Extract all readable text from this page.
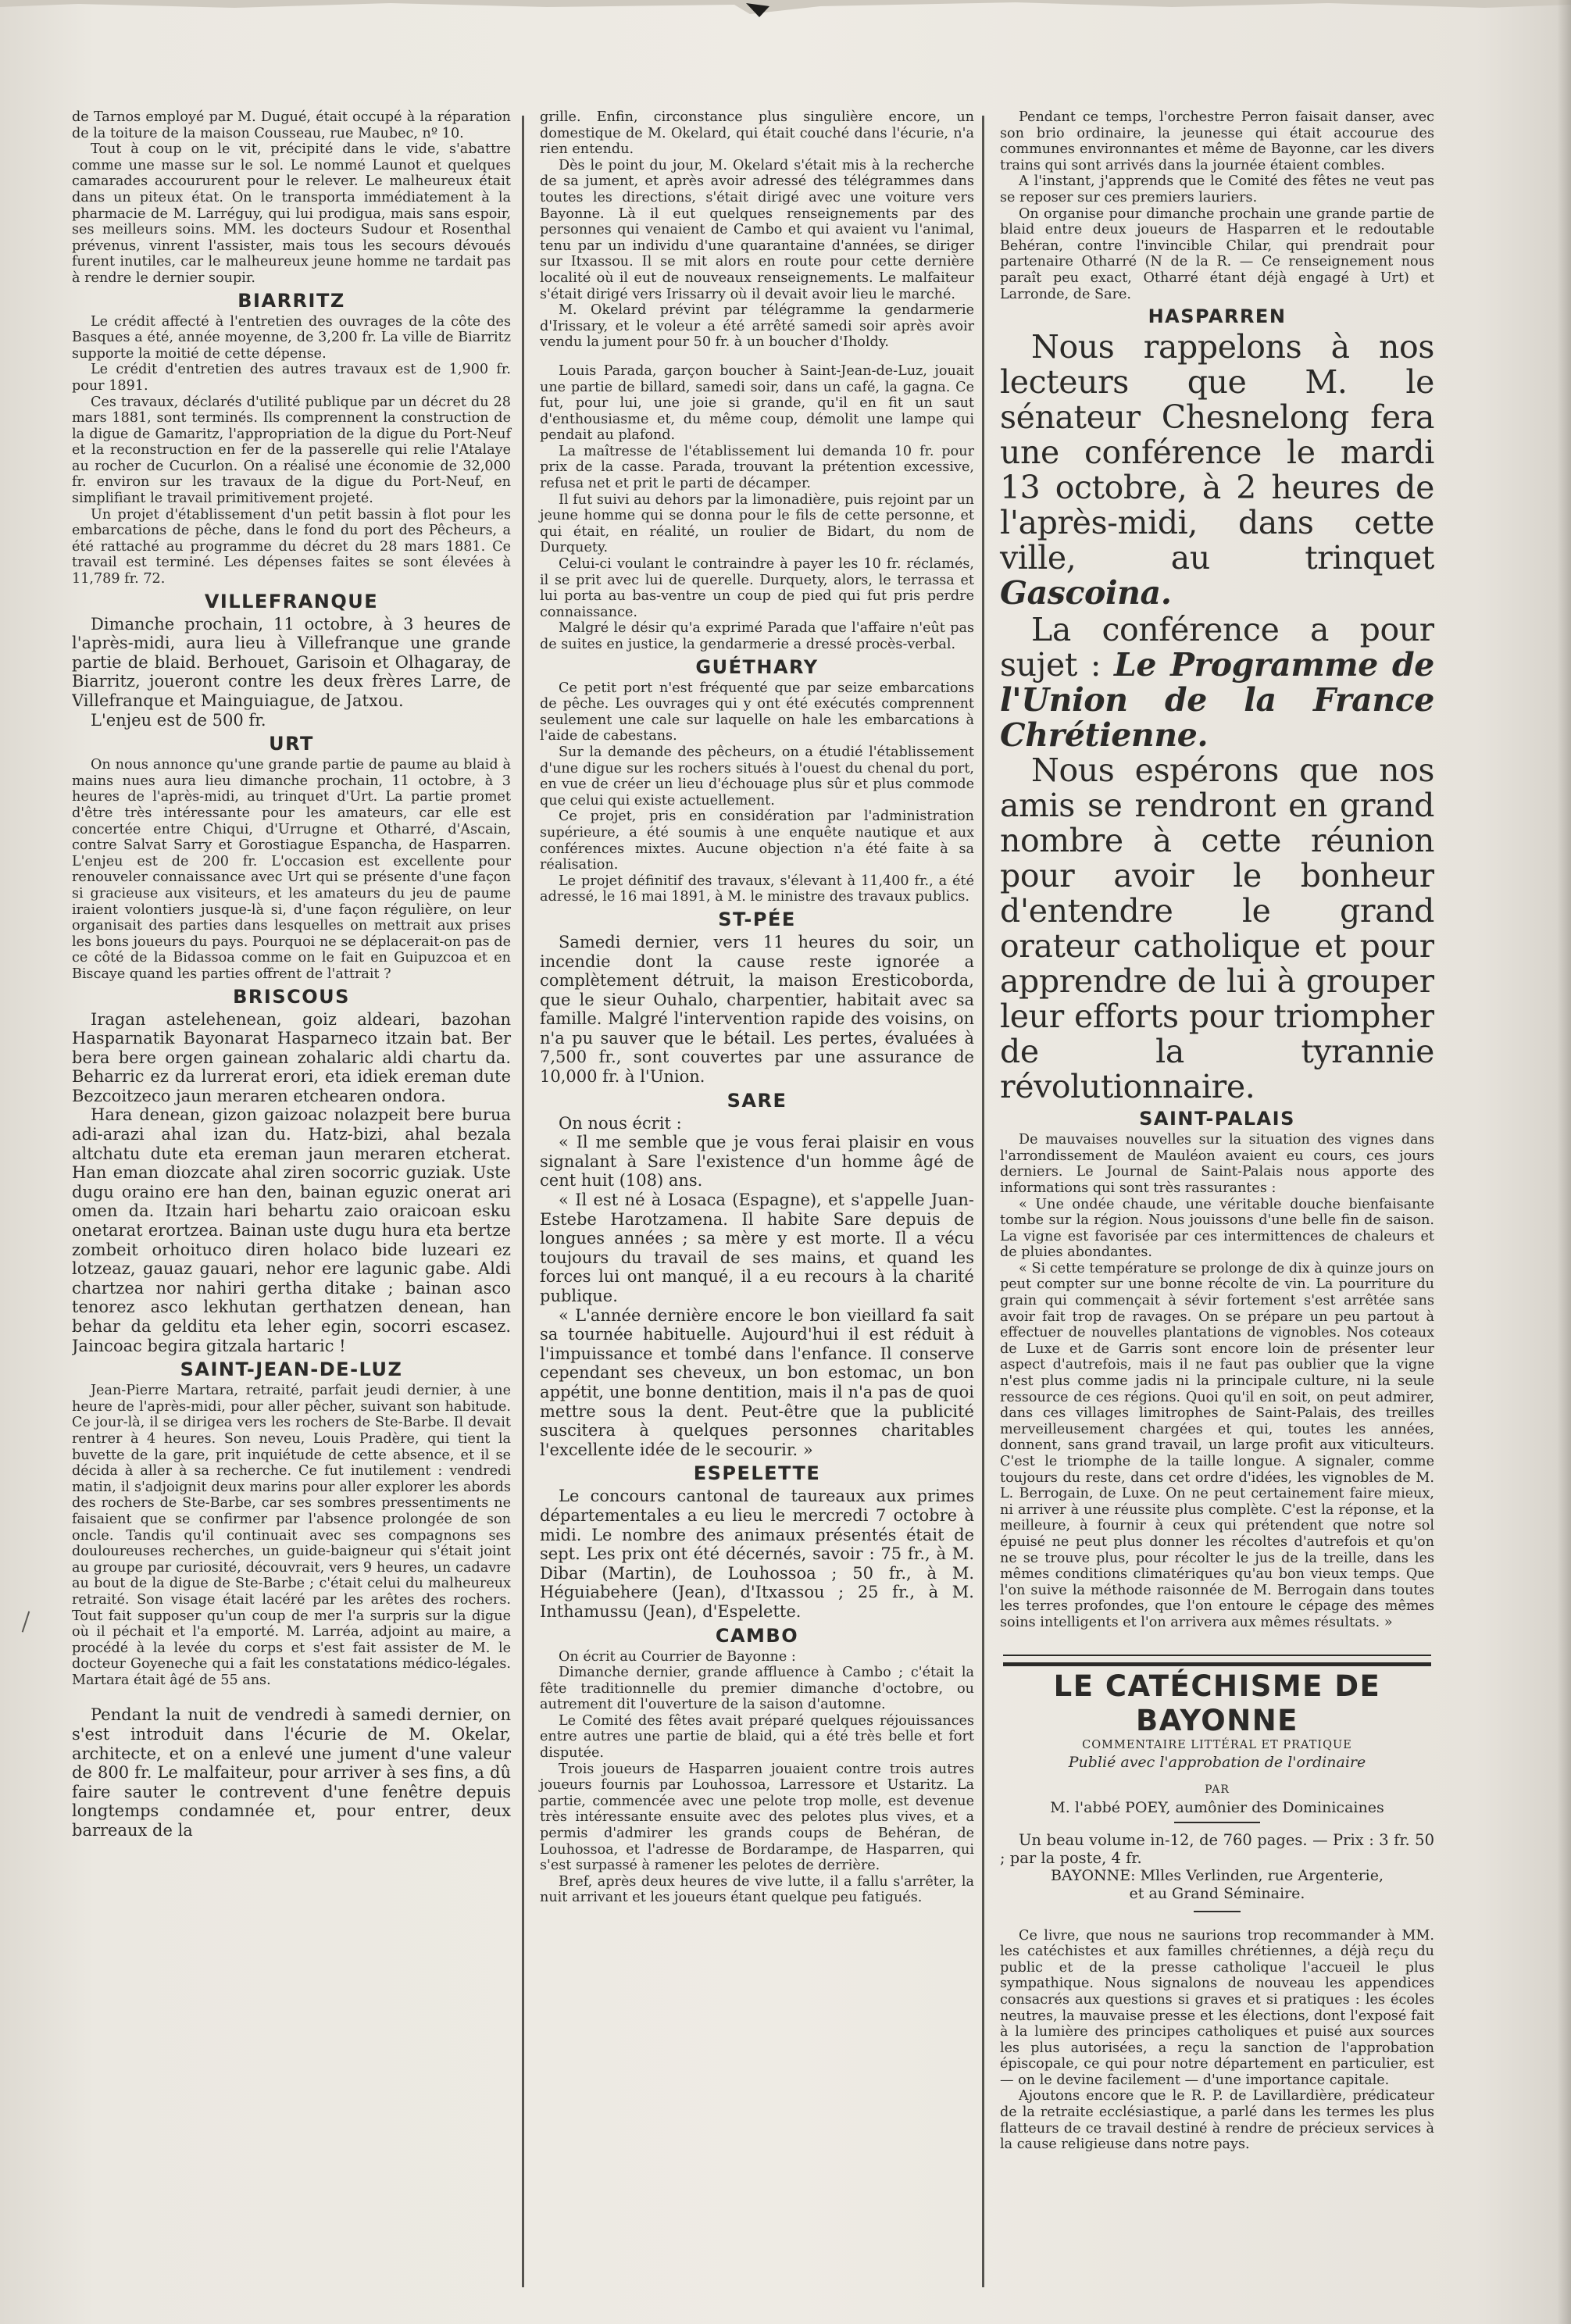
de Tarnos employé par M. Dugué, était occupé à la réparation de la toiture de la maison Cousseau, rue Maubec, nº 10.

Tout à coup on le vit, précipité dans le vide, s'abattre comme une masse sur le sol. Le nommé Launot et quelques camarades accoururent pour le relever. Le malheureux était dans un piteux état. On le transporta immédiatement à la pharmacie de M. Larréguy, qui lui prodigua, mais sans espoir, ses meilleurs soins. MM. les docteurs Sudour et Rosenthal prévenus, vinrent l'assister, mais tous les secours dévoués furent inutiles, car le malheureux jeune homme ne tardait pas à rendre le dernier soupir.

BIARRITZ

Le crédit affecté à l'entretien des ouvrages de la côte des Basques a été, année moyenne, de 3,200 fr. La ville de Biarritz supporte la moitié de cette dépense.

Le crédit d'entretien des autres travaux est de 1,900 fr. pour 1891.

Ces travaux, déclarés d'utilité publique par un décret du 28 mars 1881, sont terminés. Ils comprennent la construction de la digue de Gamaritz, l'appropriation de la digue du Port-Neuf et la reconstruction en fer de la passerelle qui relie l'Atalaye au rocher de Cucurlon. On a réalisé une économie de 32,000 fr. environ sur les travaux de la digue du Port-Neuf, en simplifiant le travail primitivement projeté.

Un projet d'établissement d'un petit bassin à flot pour les embarcations de pêche, dans le fond du port des Pêcheurs, a été rattaché au programme du décret du 28 mars 1881. Ce travail est terminé. Les dépenses faites se sont élevées à 11,789 fr. 72.

VILLEFRANQUE

Dimanche prochain, 11 octobre, à 3 heures de l'après-midi, aura lieu à Villefranque une grande partie de blaid. Berhouet, Garisoin et Olhagaray, de Biarritz, joueront contre les deux frères Larre, de Villefranque et Mainguiague, de Jatxou.

L'enjeu est de 500 fr.

URT

On nous annonce qu'une grande partie de paume au blaid à mains nues aura lieu dimanche prochain, 11 octobre, à 3 heures de l'après-midi, au trinquet d'Urt. La partie promet d'être très intéressante pour les amateurs, car elle est concertée entre Chiqui, d'Urrugne et Otharré, d'Ascain, contre Salvat Sarry et Gorostiague Espancha, de Hasparren. L'enjeu est de 200 fr. L'occasion est excellente pour renouveler connaissance avec Urt qui se présente d'une façon si gracieuse aux visiteurs, et les amateurs du jeu de paume iraient volontiers jusque-là si, d'une façon régulière, on leur organisait des parties dans lesquelles on mettrait aux prises les bons joueurs du pays. Pourquoi ne se déplacerait-on pas de ce côté de la Bidassoa comme on le fait en Guipuzcoa et en Biscaye quand les parties offrent de l'attrait ?

BRISCOUS

Iragan astelehenean, goiz aldeari, bazohan Hasparnatik Bayonarat Hasparneco itzain bat. Ber bera bere orgen gainean zohalaric aldi chartu da. Beharric ez da lurrerat erori, eta idiek ereman dute Bezcoitzeco jaun meraren etchearen ondora.

Hara denean, gizon gaizoac nolazpeit bere burua adi-arazi ahal izan du. Hatz-bizi, ahal bezala altchatu dute eta ereman jaun meraren etcherat. Han eman diozcate ahal ziren socorric guziak. Uste dugu oraino ere han den, bainan eguzic onerat ari omen da. Itzain hari behartu zaio oraicoan esku onetarat erortzea. Bainan uste dugu hura eta bertze zombeit orhoituco diren holaco bide luzeari ez lotzeaz, gauaz gauari, nehor ere lagunic gabe. Aldi chartzea nor nahiri gertha ditake ; bainan asco tenorez asco lekhutan gerthatzen denean, han behar da gelditu eta leher egin, socorri escasez. Jaincoac begira gitzala hartaric !

SAINT-JEAN-DE-LUZ

Jean-Pierre Martara, retraité, parfait jeudi dernier, à une heure de l'après-midi, pour aller pêcher, suivant son habitude. Ce jour-là, il se dirigea vers les rochers de Ste-Barbe. Il devait rentrer à 4 heures. Son neveu, Louis Pradère, qui tient la buvette de la gare, prit inquiétude de cette absence, et il se décida à aller à sa recherche. Ce fut inutilement : vendredi matin, il s'adjoignit deux marins pour aller explorer les abords des rochers de Ste-Barbe, car ses sombres pressentiments ne faisaient que se confirmer par l'absence prolongée de son oncle. Tandis qu'il continuait avec ses compagnons ses douloureuses recherches, un guide-baigneur qui s'était joint au groupe par curiosité, découvrait, vers 9 heures, un cadavre au bout de la digue de Ste-Barbe ; c'était celui du malheureux retraité. Son visage était lacéré par les arêtes des rochers. Tout fait supposer qu'un coup de mer l'a surpris sur la digue où il péchait et l'a emporté. M. Larréa, adjoint au maire, a procédé à la levée du corps et s'est fait assister de M. le docteur Goyeneche qui a fait les constatations médico-légales. Martara était âgé de 55 ans.

Pendant la nuit de vendredi à samedi dernier, on s'est introduit dans l'écurie de M. Okelar, architecte, et on a enlevé une jument d'une valeur de 800 fr. Le malfaiteur, pour arriver à ses fins, a dû faire sauter le contrevent d'une fenêtre depuis longtemps condamnée et, pour entrer, deux barreaux de la

grille. Enfin, circonstance plus singulière encore, un domestique de M. Okelard, qui était couché dans l'écurie, n'a rien entendu.

Dès le point du jour, M. Okelard s'était mis à la recherche de sa jument, et après avoir adressé des télégrammes dans toutes les directions, s'était dirigé avec une voiture vers Bayonne. Là il eut quelques renseignements par des personnes qui venaient de Cambo et qui avaient vu l'animal, tenu par un individu d'une quarantaine d'années, se diriger sur Itxassou. Il se mit alors en route pour cette dernière localité où il eut de nouveaux renseignements. Le malfaiteur s'était dirigé vers Irissarry où il devait avoir lieu le marché.

M. Okelard prévint par télégramme la gendarmerie d'Irissary, et le voleur a été arrêté samedi soir après avoir vendu la jument pour 50 fr. à un boucher d'Iholdy.

Louis Parada, garçon boucher à Saint-Jean-de-Luz, jouait une partie de billard, samedi soir, dans un café, la gagna. Ce fut, pour lui, une joie si grande, qu'il en fit un saut d'enthousiasme et, du même coup, démolit une lampe qui pendait au plafond.

La maîtresse de l'établissement lui demanda 10 fr. pour prix de la casse. Parada, trouvant la prétention excessive, refusa net et prit le parti de décamper.

Il fut suivi au dehors par la limonadière, puis rejoint par un jeune homme qui se donna pour le fils de cette personne, et qui était, en réalité, un roulier de Bidart, du nom de Durquety.

Celui-ci voulant le contraindre à payer les 10 fr. réclamés, il se prit avec lui de querelle. Durquety, alors, le terrassa et lui porta au bas-ventre un coup de pied qui fut pris perdre connaissance.

Malgré le désir qu'a exprimé Parada que l'affaire n'eût pas de suites en justice, la gendarmerie a dressé procès-verbal.

GUÉTHARY

Ce petit port n'est fréquenté que par seize embarcations de pêche. Les ouvrages qui y ont été exécutés comprennent seulement une cale sur laquelle on hale les embarcations à l'aide de cabestans.

Sur la demande des pêcheurs, on a étudié l'établissement d'une digue sur les rochers situés à l'ouest du chenal du port, en vue de créer un lieu d'échouage plus sûr et plus commode que celui qui existe actuellement.

Ce projet, pris en considération par l'administration supérieure, a été soumis à une enquête nautique et aux conférences mixtes. Aucune objection n'a été faite à sa réalisation.

Le projet définitif des travaux, s'élevant à 11,400 fr., a été adressé, le 16 mai 1891, à M. le ministre des travaux publics.

ST-PÉE

Samedi dernier, vers 11 heures du soir, un incendie dont la cause reste ignorée a complètement détruit, la maison Eresticoborda, que le sieur Ouhalo, charpentier, habitait avec sa famille. Malgré l'intervention rapide des voisins, on n'a pu sauver que le bétail. Les pertes, évaluées à 7,500 fr., sont couvertes par une assurance de 10,000 fr. à l'Union.

SARE

On nous écrit :

« Il me semble que je vous ferai plaisir en vous signalant à Sare l'existence d'un homme âgé de cent huit (108) ans.

« Il est né à Losaca (Espagne), et s'appelle Juan-Estebe Harotzamena. Il habite Sare depuis de longues années ; sa mère y est morte. Il a vécu toujours du travail de ses mains, et quand les forces lui ont manqué, il a eu recours à la charité publique.

« L'année dernière encore le bon vieillard fa sait sa tournée habituelle. Aujourd'hui il est réduit à l'impuissance et tombé dans l'enfance. Il conserve cependant ses cheveux, un bon estomac, un bon appétit, une bonne dentition, mais il n'a pas de quoi mettre sous la dent. Peut-être que la publicité suscitera à quelques personnes charitables l'excellente idée de le secourir. »

ESPELETTE

Le concours cantonal de taureaux aux primes départementales a eu lieu le mercredi 7 octobre à midi. Le nombre des animaux présentés était de sept. Les prix ont été décernés, savoir : 75 fr., à M. Dibar (Martin), de Louhossoa ; 50 fr., à M. Héguiabehere (Jean), d'Itxassou ; 25 fr., à M. Inthamussu (Jean), d'Espelette.

CAMBO

On écrit au Courrier de Bayonne :

Dimanche dernier, grande affluence à Cambo ; c'était la fête traditionnelle du premier dimanche d'octobre, ou autrement dit l'ouverture de la saison d'automne.

Le Comité des fêtes avait préparé quelques réjouissances entre autres une partie de blaid, qui a été très belle et fort disputée.

Trois joueurs de Hasparren jouaient contre trois autres joueurs fournis par Louhossoa, Larressore et Ustaritz. La partie, commencée avec une pelote trop molle, est devenue très intéressante ensuite avec des pelotes plus vives, et a permis d'admirer les grands coups de Behéran, de Louhossoa, et l'adresse de Bordarampe, de Hasparren, qui s'est surpassé à ramener les pelotes de derrière.

Bref, après deux heures de vive lutte, il a fallu s'arrêter, la nuit arrivant et les joueurs étant quelque peu fatigués.

Pendant ce temps, l'orchestre Perron faisait danser, avec son brio ordinaire, la jeunesse qui était accourue des communes environnantes et même de Bayonne, car les divers trains qui sont arrivés dans la journée étaient combles.

A l'instant, j'apprends que le Comité des fêtes ne veut pas se reposer sur ces premiers lauriers.

On organise pour dimanche prochain une grande partie de blaid entre deux joueurs de Hasparren et le redoutable Behéran, contre l'invincible Chilar, qui prendrait pour partenaire Otharré (N de la R. — Ce renseignement nous paraît peu exact, Otharré étant déjà engagé à Urt) et Larronde, de Sare.

HASPARREN

Nous rappelons à nos lecteurs que M. le sénateur Chesnelong fera une conférence le mardi 13 octobre, à 2 heures de l'après-midi, dans cette ville, au trinquet Gascoina.

La conférence a pour sujet : Le Programme de l'Union de la France Chrétienne.

Nous espérons que nos amis se rendront en grand nombre à cette réunion pour avoir le bonheur d'entendre le grand orateur catholique et pour apprendre de lui à grouper leur efforts pour triompher de la tyrannie révolutionnaire.

SAINT-PALAIS

De mauvaises nouvelles sur la situation des vignes dans l'arrondissement de Mauléon avaient eu cours, ces jours derniers. Le Journal de Saint-Palais nous apporte des informations qui sont très rassurantes :

« Une ondée chaude, une véritable douche bienfaisante tombe sur la région. Nous jouissons d'une belle fin de saison. La vigne est favorisée par ces intermittences de chaleurs et de pluies abondantes.

« Si cette température se prolonge de dix à quinze jours on peut compter sur une bonne récolte de vin. La pourriture du grain qui commençait à sévir fortement s'est arrêtée sans avoir fait trop de ravages. On se prépare un peu partout à effectuer de nouvelles plantations de vignobles. Nos coteaux de Luxe et de Garris sont encore loin de présenter leur aspect d'autrefois, mais il ne faut pas oublier que la vigne n'est plus comme jadis ni la principale culture, ni la seule ressource de ces régions. Quoi qu'il en soit, on peut admirer, dans ces villages limitrophes de Saint-Palais, des treilles merveilleusement chargées et qui, toutes les années, donnent, sans grand travail, un large profit aux viticulteurs. C'est le triomphe de la taille longue. A signaler, comme toujours du reste, dans cet ordre d'idées, les vignobles de M. L. Berrogain, de Luxe. On ne peut certainement faire mieux, ni arriver à une réussite plus complète. C'est la réponse, et la meilleure, à fournir à ceux qui prétendent que notre sol épuisé ne peut plus donner les récoltes d'autrefois et qu'on ne se trouve plus, pour récolter le jus de la treille, dans les mêmes conditions climatériques qu'au bon vieux temps. Que l'on suive la méthode raisonnée de M. Berrogain dans toutes les terres profondes, que l'on entoure le cépage des mêmes soins intelligents et l'on arrivera aux mêmes résultats. »

LE CATÉCHISME DE BAYONNE
COMMENTAIRE LITTÉRAL ET PRATIQUE
Publié avec l'approbation de l'ordinaire
PAR
M. l'abbé POEY, aumônier des Dominicaines
Un beau volume in-12, de 760 pages. — Prix : 3 fr. 50 ; par la poste, 4 fr.
BAYONNE: Mlles Verlinden, rue Argenterie,
et au Grand Séminaire.

Ce livre, que nous ne saurions trop recommander à MM. les catéchistes et aux familles chrétiennes, a déjà reçu du public et de la presse catholique l'accueil le plus sympathique. Nous signalons de nouveau les appendices consacrés aux questions si graves et si pratiques : les écoles neutres, la mauvaise presse et les élections, dont l'exposé fait à la lumière des principes catholiques et puisé aux sources les plus autorisées, a reçu la sanction de l'approbation épiscopale, ce qui pour notre département en particulier, est — on le devine facilement — d'une importance capitale.

Ajoutons encore que le R. P. de Lavillardière, prédicateur de la retraite ecclésiastique, a parlé dans les termes les plus flatteurs de ce travail destiné à rendre de précieux services à la cause religieuse dans notre pays.
